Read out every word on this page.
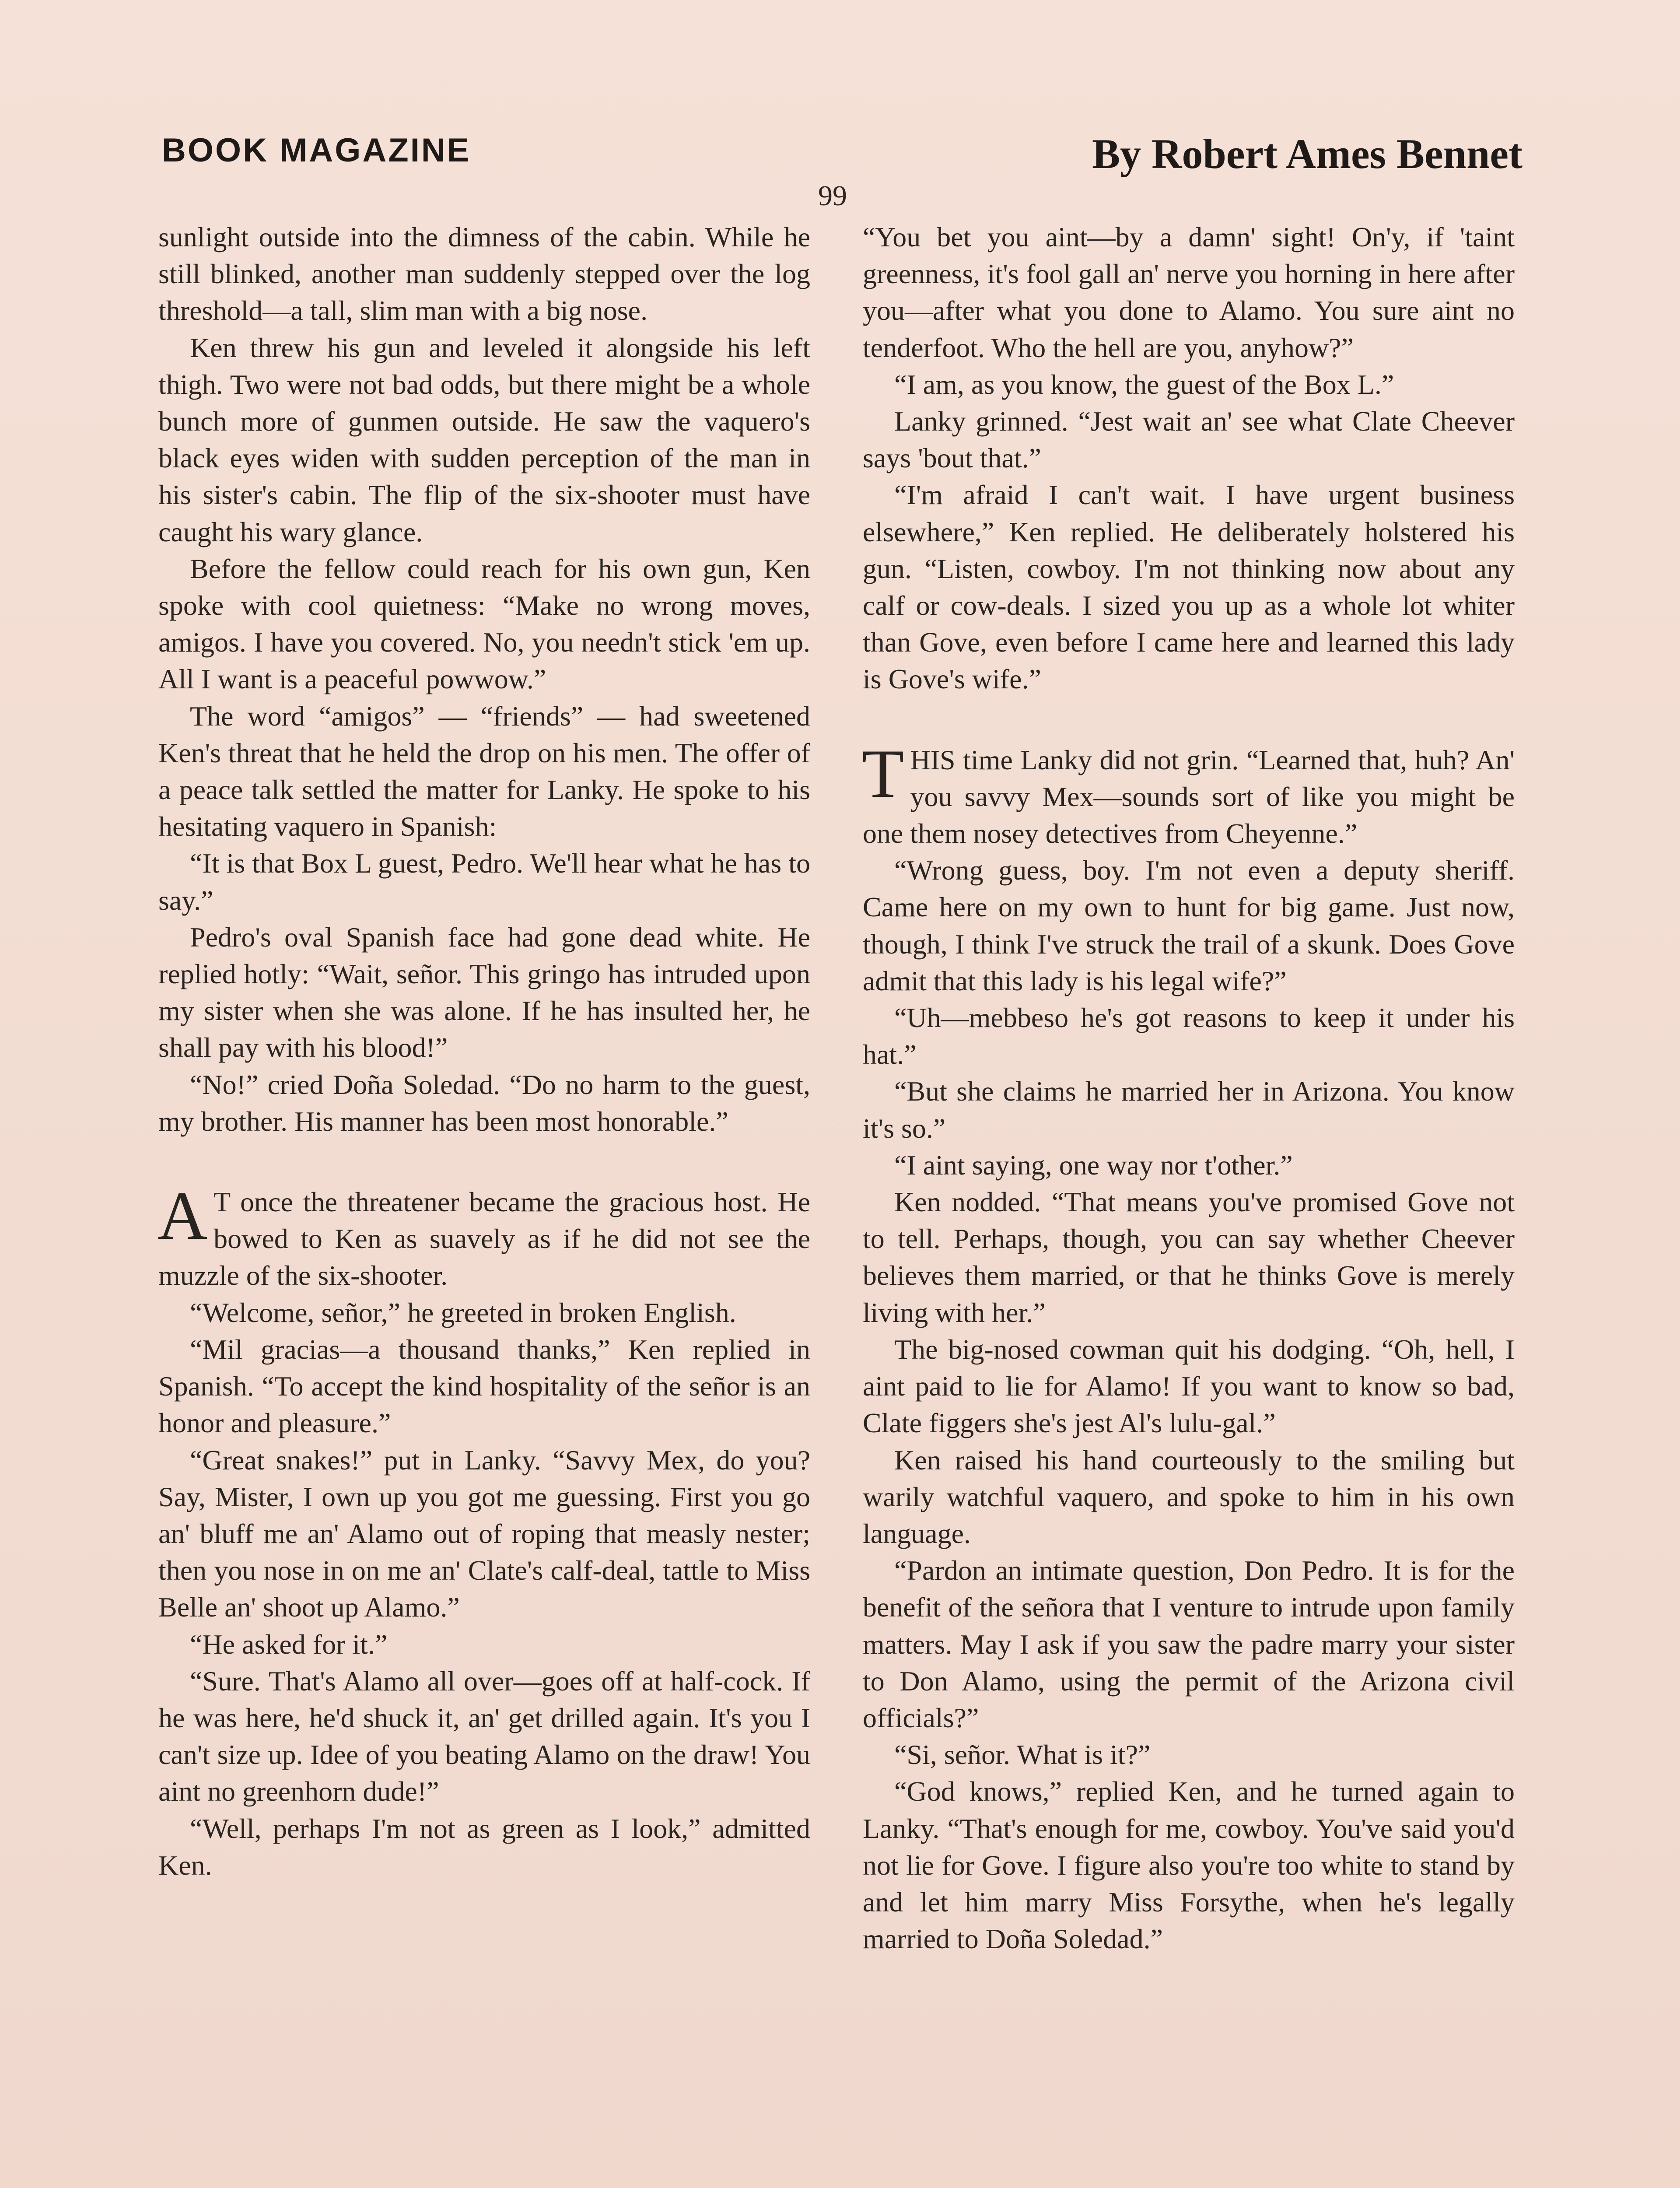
BOOK MAGAZINE	By Robert Ames Bennet
99

sunlight outside into the dimness of the cabin. While he still blinked, another man suddenly stepped over the log threshold—a tall, slim man with a big nose.

Ken threw his gun and leveled it alongside his left thigh. Two were not bad odds, but there might be a whole bunch more of gunmen outside. He saw the vaquero's black eyes widen with sudden perception of the man in his sister's cabin. The flip of the six-shooter must have caught his wary glance.

Before the fellow could reach for his own gun, Ken spoke with cool quietness: “Make no wrong moves, amigos. I have you covered. No, you needn't stick 'em up. All I want is a peaceful powwow.”

The word “amigos” — “friends” — had sweetened Ken's threat that he held the drop on his men. The offer of a peace talk settled the matter for Lanky. He spoke to his hesitating vaquero in Spanish:

“It is that Box L guest, Pedro. We'll hear what he has to say.”

Pedro's oval Spanish face had gone dead white. He replied hotly: “Wait, señor. This gringo has intruded upon my sister when she was alone. If he has insulted her, he shall pay with his blood!”

“No!” cried Doña Soledad. “Do no harm to the guest, my brother. His manner has been most honorable.”

A T once the threatener became the gracious host. He bowed to Ken as suavely as if he did not see the muzzle of the six-shooter.

“Welcome, señor,” he greeted in broken English.

“Mil gracias—a thousand thanks,” Ken replied in Spanish. “To accept the kind hospitality of the señor is an honor and pleasure.”

“Great snakes!” put in Lanky. “Savvy Mex, do you? Say, Mister, I own up you got me guessing. First you go an' bluff me an' Alamo out of roping that measly nester; then you nose in on me an' Clate's calf-deal, tattle to Miss Belle an' shoot up Alamo.”

“He asked for it.”

“Sure. That's Alamo all over—goes off at half-cock. If he was here, he'd shuck it, an' get drilled again. It's you I can't size up. Idee of you beating Alamo on the draw! You aint no greenhorn dude!”

“Well, perhaps I'm not as green as I look,” admitted Ken.

“You bet you aint—by a damn' sight! On'y, if 'taint greenness, it's fool gall an' nerve you horning in here after you—after what you done to Alamo. You sure aint no tenderfoot. Who the hell are you, anyhow?”

“I am, as you know, the guest of the Box L.”

Lanky grinned. “Jest wait an' see what Clate Cheever says 'bout that.”

“I'm afraid I can't wait. I have urgent business elsewhere,” Ken replied. He deliberately holstered his gun. “Listen, cowboy. I'm not thinking now about any calf or cow-deals. I sized you up as a whole lot whiter than Gove, even before I came here and learned this lady is Gove's wife.”

THIS time Lanky did not grin. “Learned that, huh? An' you savvy Mex—sounds sort of like you might be one them nosey detectives from Cheyenne.”

“Wrong guess, boy. I'm not even a deputy sheriff. Came here on my own to hunt for big game. Just now, though, I think I've struck the trail of a skunk. Does Gove admit that this lady is his legal wife?”

“Uh—mebbeso he's got reasons to keep it under his hat.”

“But she claims he married her in Arizona. You know it's so.”

“I aint saying, one way nor t'other.”

Ken nodded. “That means you've promised Gove not to tell. Perhaps, though, you can say whether Cheever believes them married, or that he thinks Gove is merely living with her.”

The big-nosed cowman quit his dodging. “Oh, hell, I aint paid to lie for Alamo! If you want to know so bad, Clate figgers she's jest Al's lulu-gal.”

Ken raised his hand courteously to the smiling but warily watchful vaquero, and spoke to him in his own language.

“Pardon an intimate question, Don Pedro. It is for the benefit of the señora that I venture to intrude upon family matters. May I ask if you saw the padre marry your sister to Don Alamo, using the permit of the Arizona civil officials?”

“Si, señor. What is it?”

“God knows,” replied Ken, and he turned again to Lanky. “That's enough for me, cowboy. You've said you'd not lie for Gove. I figure also you're too white to stand by and let him marry Miss Forsythe, when he's legally married to Doña Soledad.”
